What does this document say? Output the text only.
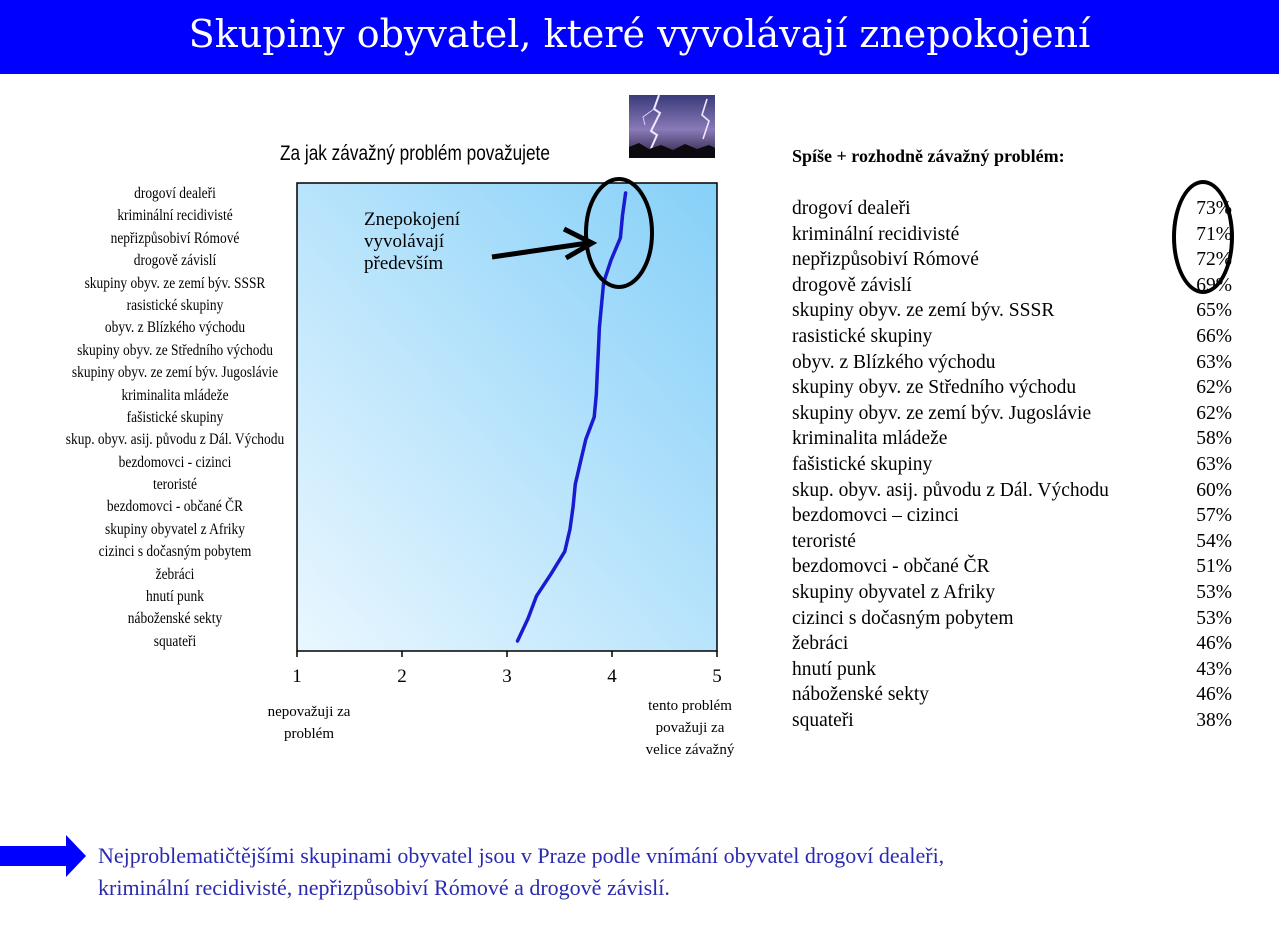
Skupiny obyvatel, které vyvolávají znepokojení
Za jak závažný problém považujete
drogoví dealeři
kriminální recidivisté
nepřizpůsobiví Rómové
drogově závislí
skupiny obyv. ze zemí býv. SSSR
rasistické skupiny
obyv. z Blízkého východu
skupiny obyv. ze Středního východu
skupiny obyv. ze zemí býv. Jugoslávie
kriminalita mládeže
fašistické skupiny
skup. obyv. asij. původu z Dál. Východu
bezdomovci - cizinci
teroristé
bezdomovci - občané ČR
skupiny obyvatel z Afriky
cizinci s dočasným pobytem
žebráci
hnutí punk
náboženské sekty
squateři
1	2	3	4	5
nepovažuji za
problém
tento problém
považuji za
velice závažný
Znepokojení
vyvolávají
především
Spíše + rozhodně závažný problém:
drogoví dealeři	73%
kriminální recidivisté	71%
nepřizpůsobiví Rómové	72%
drogově závislí	69%
skupiny obyv. ze zemí býv. SSSR	65%
rasistické skupiny	66%
obyv. z Blízkého východu	63%
skupiny obyv. ze Středního východu	62%
skupiny obyv. ze zemí býv. Jugoslávie	62%
kriminalita mládeže	58%
fašistické skupiny	63%
skup. obyv. asij. původu z Dál. Východu	60%
bezdomovci – cizinci	57%
teroristé	54%
bezdomovci - občané ČR	51%
skupiny obyvatel z Afriky	53%
cizinci s dočasným pobytem	53%
žebráci	46%
hnutí punk	43%
náboženské sekty	46%
squateři	38%
Nejproblematičtějšími skupinami obyvatel jsou v Praze podle vnímání obyvatel drogoví dealeři,
kriminální recidivisté, nepřizpůsobiví Rómové a drogově závislí.
